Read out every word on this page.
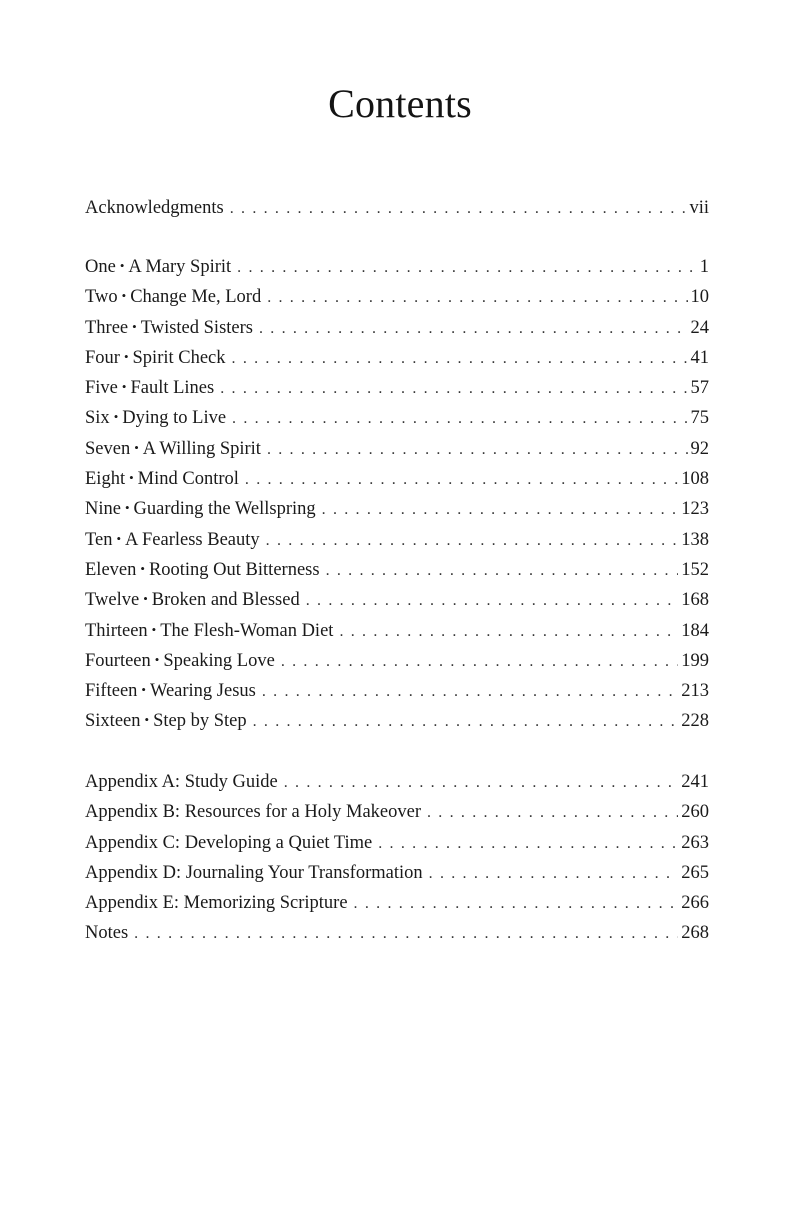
Contents
Acknowledgments . . .	vii
One • A Mary Spirit . . .	1
Two • Change Me, Lord . . .	10
Three • Twisted Sisters . . .	24
Four • Spirit Check . . .	41
Five • Fault Lines . . .	57
Six • Dying to Live . . .	75
Seven • A Willing Spirit . . .	92
Eight • Mind Control . . .	108
Nine • Guarding the Wellspring . . .	123
Ten • A Fearless Beauty . . .	138
Eleven • Rooting Out Bitterness . . .	152
Twelve • Broken and Blessed . . .	168
Thirteen • The Flesh-Woman Diet . . .	184
Fourteen • Speaking Love . . .	199
Fifteen • Wearing Jesus . . .	213
Sixteen • Step by Step . . .	228
Appendix A: Study Guide . . .	241
Appendix B: Resources for a Holy Makeover . . .	260
Appendix C: Developing a Quiet Time . . .	263
Appendix D: Journaling Your Transformation . . .	265
Appendix E: Memorizing Scripture . . .	266
Notes . . .	268
